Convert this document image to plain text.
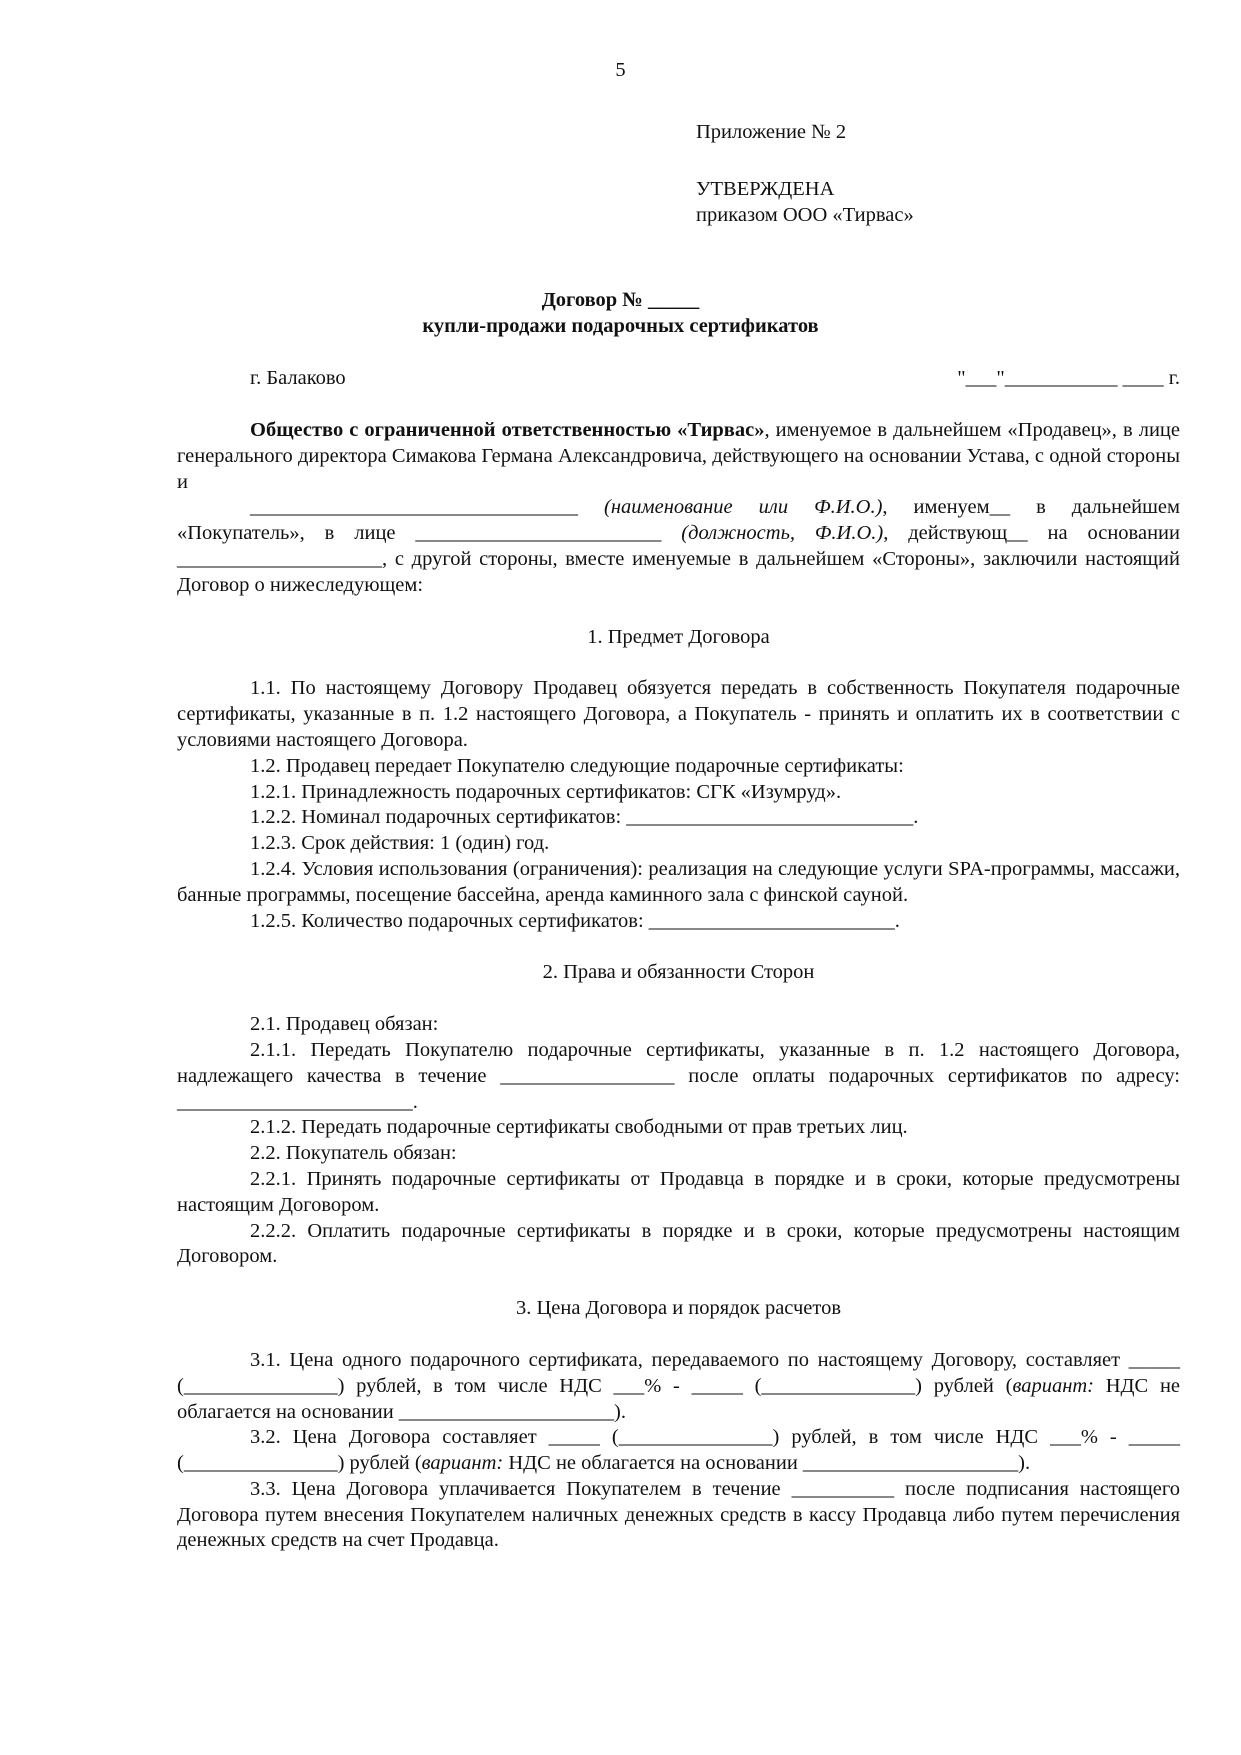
5
Приложение № 2
УТВЕРЖДЕНА
приказом ООО «Тирвас»
Договор № _____
купли-продажи подарочных сертификатов
г. Балаково	"___"___________ ____ г.

Общество с ограниченной ответственностью «Тирвас», именуемое в дальнейшем «Продавец», в лице генерального директора Симакова Германа Александровича, действующего на основании Устава, с одной стороны и

________________________________ (наименование или Ф.И.О.), именуем__ в дальнейшем «Покупатель», в лице ________________________ (должность, Ф.И.О.), действующ__ на основании ____________________, с другой стороны, вместе именуемые в дальнейшем «Стороны», заключили настоящий Договор о нижеследующем:

1. Предмет Договора

1.1. По настоящему Договору Продавец обязуется передать в собственность Покупателя подарочные сертификаты, указанные в п. 1.2 настоящего Договора, а Покупатель - принять и оплатить их в соответствии с условиями настоящего Договора.

1.2. Продавец передает Покупателю следующие подарочные сертификаты:

1.2.1. Принадлежность подарочных сертификатов: СГК «Изумруд».

1.2.2. Номинал подарочных сертификатов: ____________________________.

1.2.3. Срок действия: 1 (один) год.

1.2.4. Условия использования (ограничения): реализация на следующие услуги SPA-программы, массажи, банные программы, посещение бассейна, аренда каминного зала с финской сауной.

1.2.5. Количество подарочных сертификатов: ________________________.

2. Права и обязанности Сторон

2.1. Продавец обязан:

2.1.1. Передать Покупателю подарочные сертификаты, указанные в п. 1.2 настоящего Договора, надлежащего качества в течение _________________ после оплаты подарочных сертификатов по адресу: _______________________.

2.1.2. Передать подарочные сертификаты свободными от прав третьих лиц.

2.2. Покупатель обязан:

2.2.1. Принять подарочные сертификаты от Продавца в порядке и в сроки, которые предусмотрены настоящим Договором.

2.2.2. Оплатить подарочные сертификаты в порядке и в сроки, которые предусмотрены настоящим Договором.

3. Цена Договора и порядок расчетов

3.1. Цена одного подарочного сертификата, передаваемого по настоящему Договору, составляет _____ (_______________) рублей, в том числе НДС ___% - _____ (_______________) рублей (вариант: НДС не облагается на основании _____________________).

3.2. Цена Договора составляет _____ (_______________) рублей, в том числе НДС ___% - _____ (_______________) рублей (вариант: НДС не облагается на основании _____________________).

3.3. Цена Договора уплачивается Покупателем в течение __________ после подписания настоящего Договора путем внесения Покупателем наличных денежных средств в кассу Продавца либо путем перечисления денежных средств на счет Продавца.
